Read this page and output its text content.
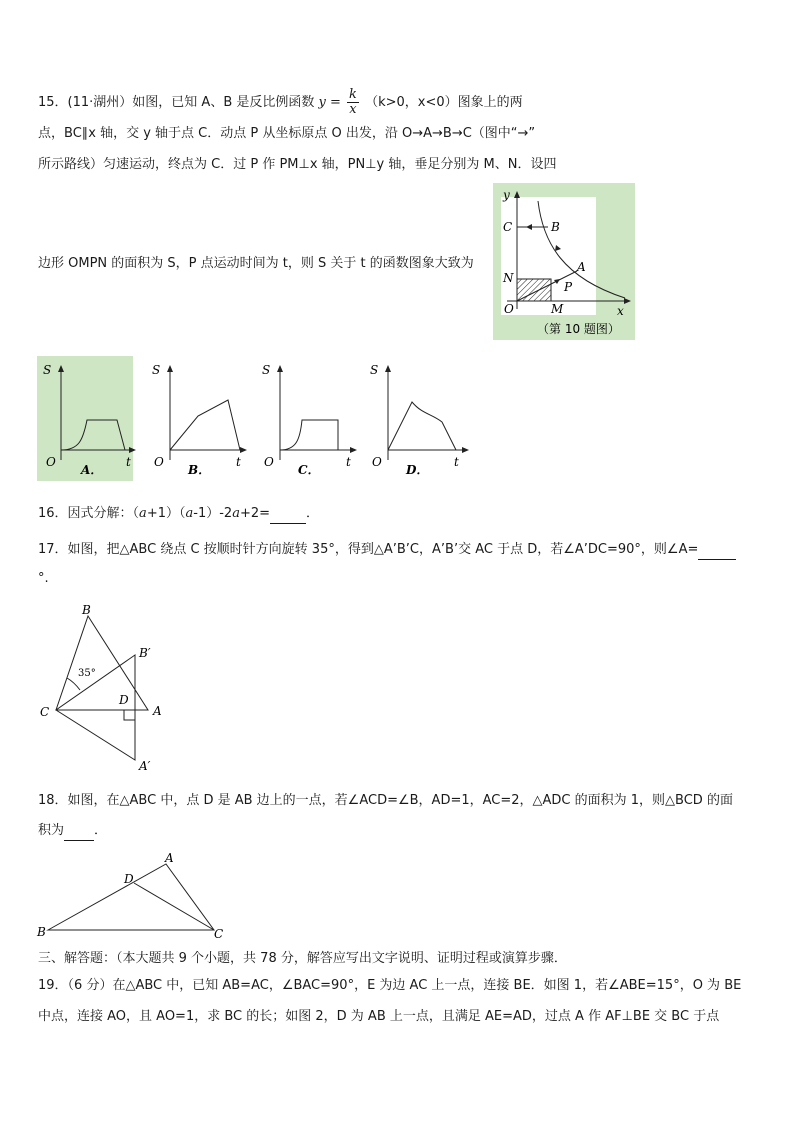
15．(11·湖州）如图，已知 A、B 是反比例函数 $y = \frac{k}{x} (k>0$，x<0）图象上的两
点，BC∥x 轴，交 y 轴于点 C．动点 P 从坐标原点 O 出发，沿 O→A→B→C（图中“→”
所示路线）匀速运动，终点为 C．过 P 作 PM⊥x 轴，PN⊥y 轴，垂足分别为 M、N．设四
边形 OMPN 的面积为 S，P 点运动时间为 t，则 S 关于 t 的函数图象大致为
y
x
C	B
N
A
P
O	M
（第 10 题图）
S
O	t
A．
S
O	t
B．
S
O	t
C．
S
O	t
D．
16．因式分解：（a+1）（a-1）-2a+2=	．
17．如图，把△ABC 绕点 C 按顺时针方向旋转 35°，得到△A’B’C，A’B’交 AC 于点 D，若∠A’DC=90°，则∠A=
°.
B
B′
35°
C
D
A
A′
18．如图，在△ABC 中，点 D 是 AB 边上的一点，若∠ACD=∠B，AD=1，AC=2，△ADC 的面积为 1，则△BCD 的面
积为 ．
A
D
B	C
三、解答题：（本大题共 9 个小题，共 78 分，解答应写出文字说明、证明过程或演算步骤．
19．（6 分）在△ABC 中，已知 AB=AC，∠BAC=90°，E 为边 AC 上一点，连接 BE．如图 1，若∠ABE=15°，O 为 BE
中点，连接 AO，且 AO=1，求 BC 的长；如图 2，D 为 AB 上一点，且满足 AE=AD，过点 A 作 AF⊥BE 交 BC 于点
